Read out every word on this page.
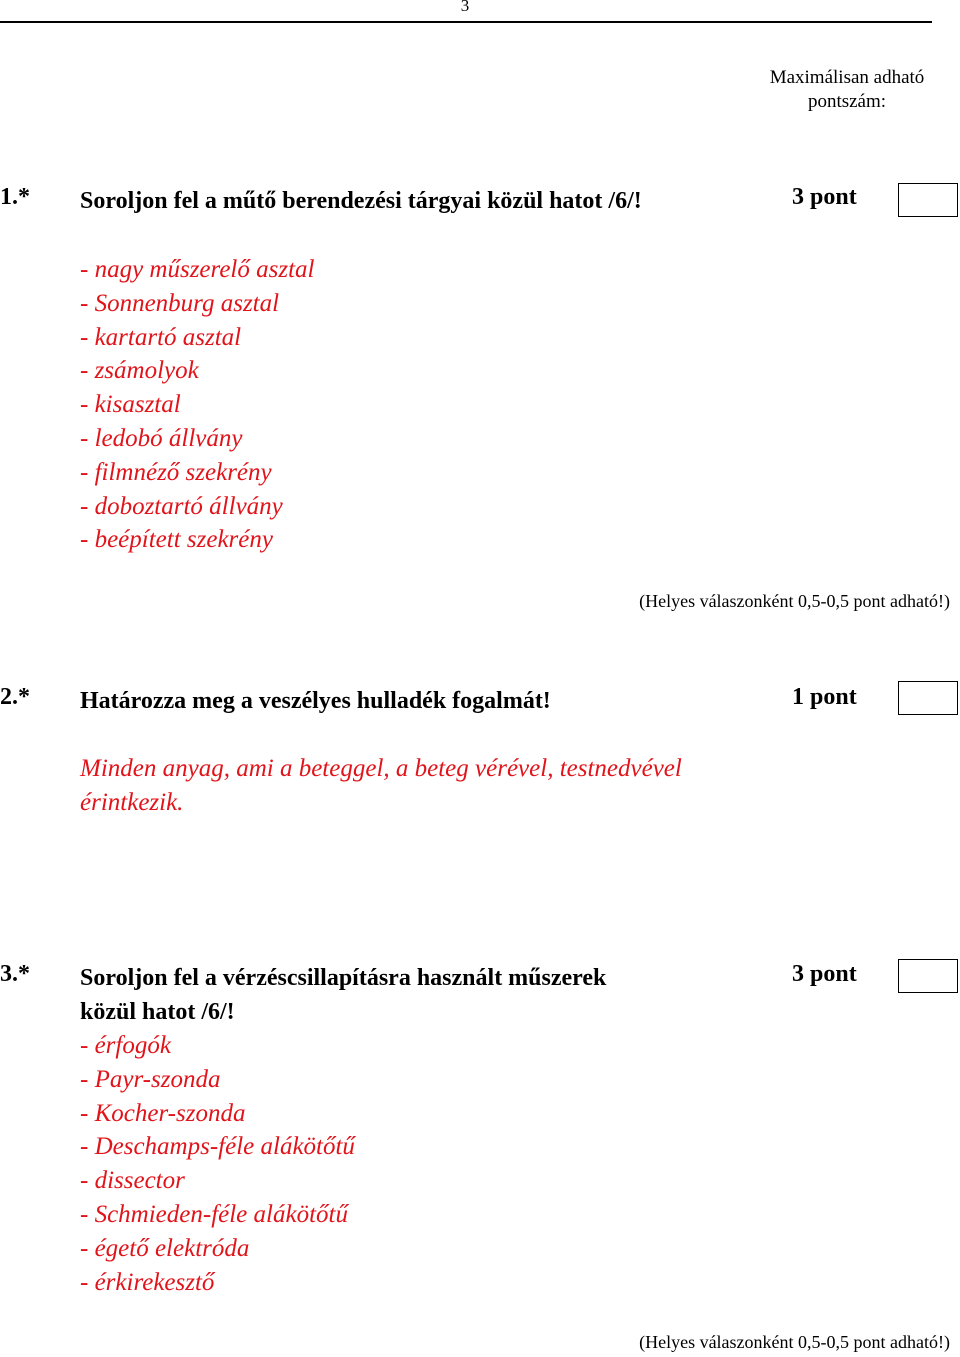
3
Maximálisan adható
pontszám:
1.* Soroljon fel a műtő berendezési tárgyai közül hatot /6/!	3 pont
- nagy műszerelő asztal
- Sonnenburg asztal
- kartartó asztal
- zsámolyok
- kisasztal
- ledobó állvány
- filmnéző szekrény
- doboztartó állvány
- beépített szekrény
(Helyes válaszonként 0,5-0,5 pont adható!)
2.* Határozza meg a veszélyes hulladék fogalmát!	1 pont
Minden anyag, ami a beteggel, a beteg vérével, testnedvével
érintkezik.
3.* Soroljon fel a vérzéscsillapításra használt műszerek
közül hatot /6/!
3 pont
- érfogók
- Payr-szonda
- Kocher-szonda
- Deschamps-féle alákötőtű
- dissector
- Schmieden-féle alákötőtű
- égető elektróda
- érkirekesztő
(Helyes válaszonként 0,5-0,5 pont adható!)
